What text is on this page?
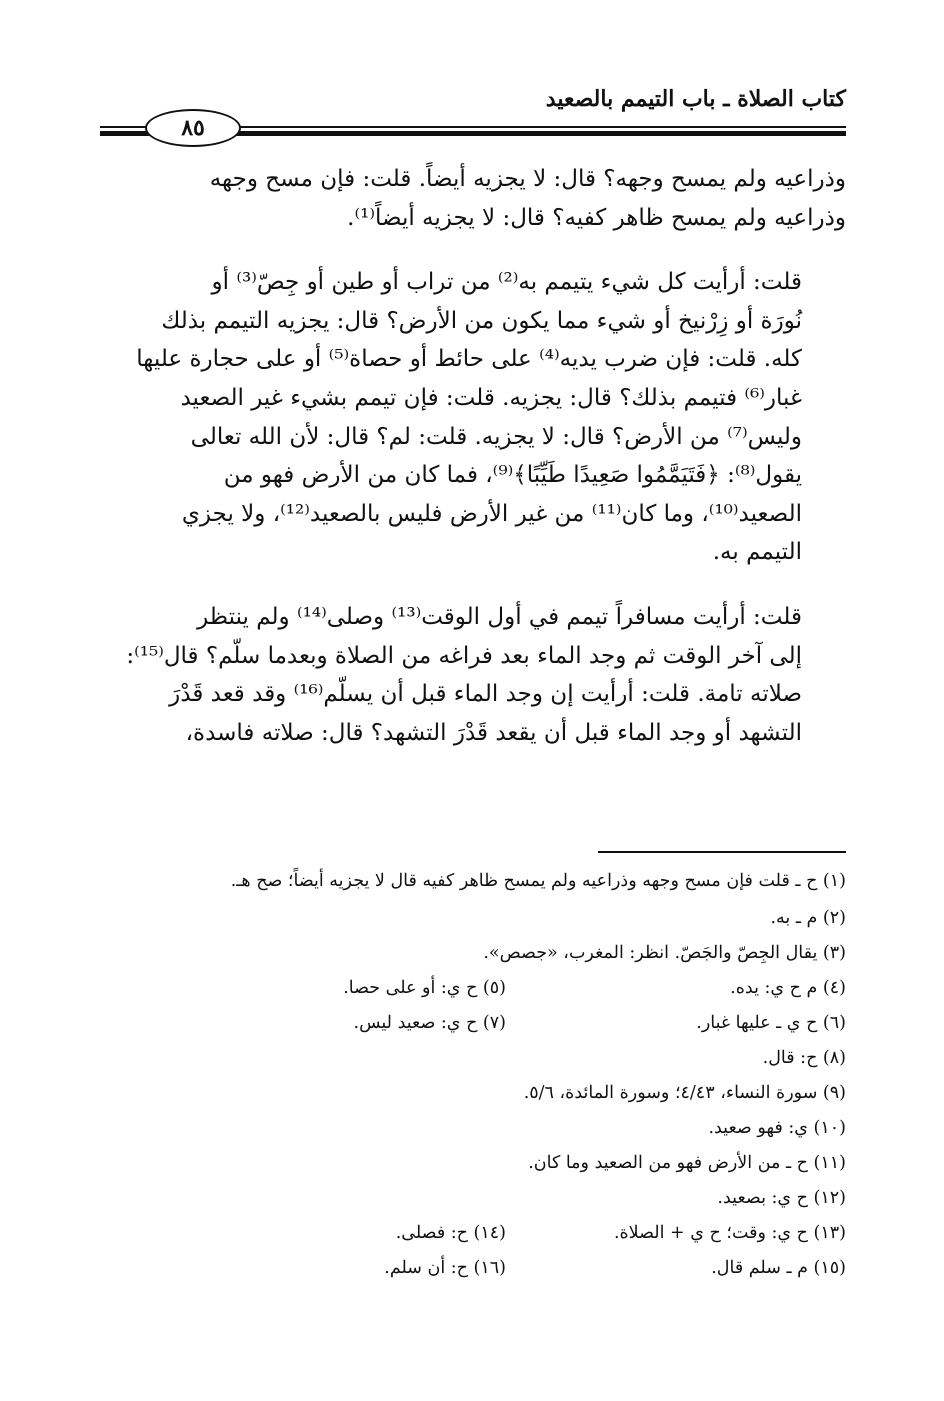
كتاب الصلاة ـ باب التيمم بالصعيد
٨٥

وذراعيه ولم يمسح وجهه؟ قال: لا يجزيه أيضاً. قلت: فإن مسح وجهه
وذراعيه ولم يمسح ظاهر كفيه؟ قال: لا يجزيه أيضاً⁽¹⁾.

قلت: أرأيت كل شيء يتيمم به⁽²⁾ من تراب أو طين أو جِصّ⁽³⁾ أو
نُورَة أو زِرْنيخ أو شيء مما يكون من الأرض؟ قال: يجزيه التيمم بذلك
كله. قلت: فإن ضرب يديه⁽⁴⁾ على حائط أو حصاة⁽⁵⁾ أو على حجارة عليها
غبار⁽⁶⁾ فتيمم بذلك؟ قال: يجزيه. قلت: فإن تيمم بشيء غير الصعيد
وليس⁽⁷⁾ من الأرض؟ قال: لا يجزيه. قلت: لم؟ قال: لأن الله تعالى
يقول⁽⁸⁾: ﴿فَتَيَمَّمُوا صَعِيدًا طَيِّبًا﴾⁽⁹⁾، فما كان من الأرض فهو من
الصعيد⁽¹⁰⁾، وما كان⁽¹¹⁾ من غير الأرض فليس بالصعيد⁽¹²⁾، ولا يجزي
التيمم به.

قلت: أرأيت مسافراً تيمم في أول الوقت⁽¹³⁾ وصلى⁽¹⁴⁾ ولم ينتظر
إلى آخر الوقت ثم وجد الماء بعد فراغه من الصلاة وبعدما سلّم؟ قال⁽¹⁵⁾:
صلاته تامة. قلت: أرأيت إن وجد الماء قبل أن يسلّم⁽¹⁶⁾ وقد قعد قَدْرَ
التشهد أو وجد الماء قبل أن يقعد قَدْرَ التشهد؟ قال: صلاته فاسدة،

(١) ح ـ قلت فإن مسح وجهه وذراعيه ولم يمسح ظاهر كفيه قال لا يجزيه أيضاً؛ صح هـ.
(٢) م ـ به.
(٣) يقال الجِصّ والجَصّ. انظر: المغرب، «جصص».
(٤) م ح ي: يده.
(٥) ح ي: أو على حصا.
(٦) ح ي ـ عليها غبار.
(٧) ح ي: صعيد ليس.
(٨) ح: قال.
(٩) سورة النساء، ٤/٤٣؛ وسورة المائدة، ٥/٦.
(١٠) ي: فهو صعيد.
(١١) ح ـ من الأرض فهو من الصعيد وما كان.
(١٢) ح ي: بصعيد.
(١٣) ح ي: وقت؛ ح ي + الصلاة.
(١٤) ح: فصلى.
(١٥) م ـ سلم قال.
(١٦) ح: أن سلم.
